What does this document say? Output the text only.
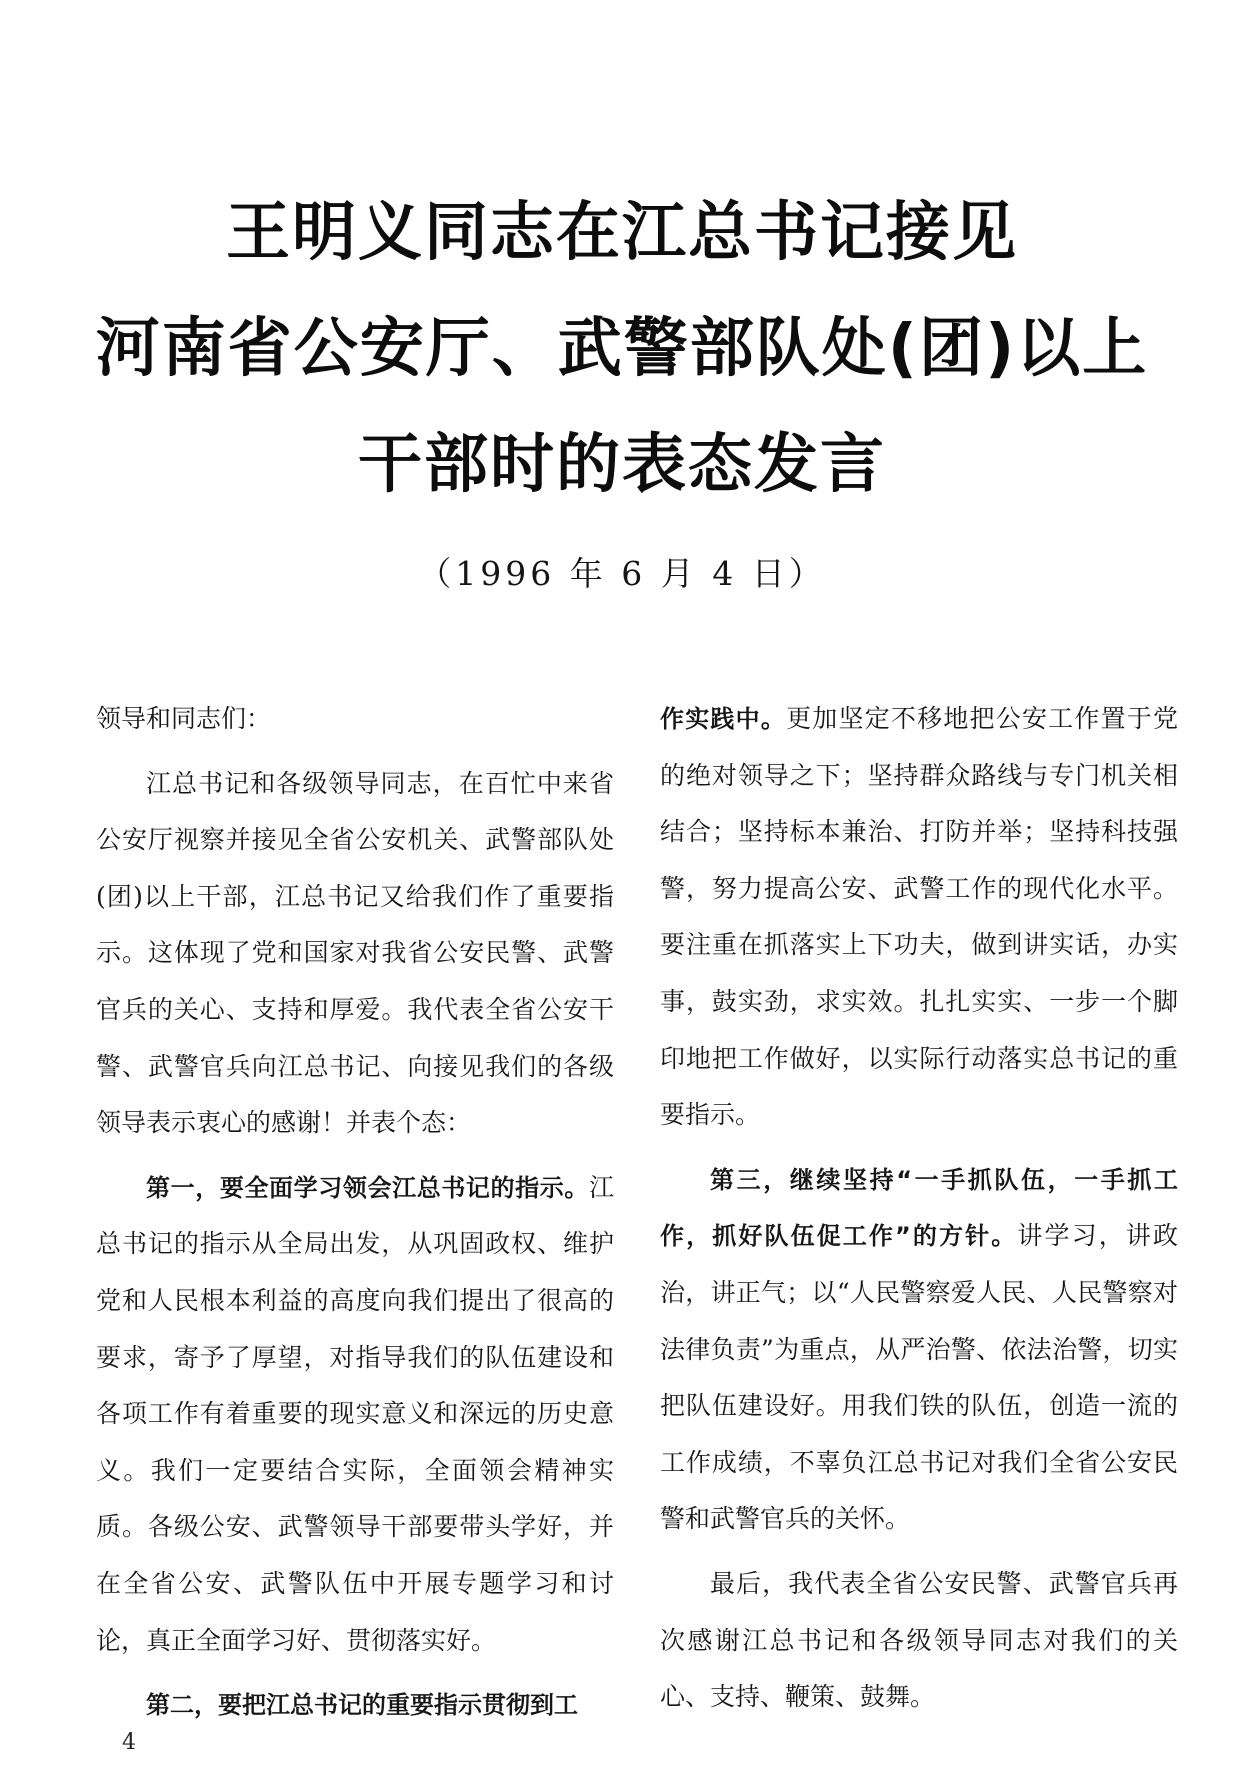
王明义同志在江总书记接见
河南省公安厅、武警部队处(团)以上
干部时的表态发言
（1996 年 6 月 4 日）

领导和同志们：

江总书记和各级领导同志，在百忙中来省公安厅视察并接见全省公安机关、武警部队处(团)以上干部，江总书记又给我们作了重要指示。这体现了党和国家对我省公安民警、武警官兵的关心、支持和厚爱。我代表全省公安干警、武警官兵向江总书记、向接见我们的各级领导表示衷心的感谢！并表个态：

第一，要全面学习领会江总书记的指示。江总书记的指示从全局出发，从巩固政权、维护党和人民根本利益的高度向我们提出了很高的要求，寄予了厚望，对指导我们的队伍建设和各项工作有着重要的现实意义和深远的历史意义。我们一定要结合实际，全面领会精神实质。各级公安、武警领导干部要带头学好，并在全省公安、武警队伍中开展专题学习和讨论，真正全面学习好、贯彻落实好。

第二，要把江总书记的重要指示贯彻到工

作实践中。更加坚定不移地把公安工作置于党的绝对领导之下；坚持群众路线与专门机关相结合；坚持标本兼治、打防并举；坚持科技强警，努力提高公安、武警工作的现代化水平。要注重在抓落实上下功夫，做到讲实话，办实事，鼓实劲，求实效。扎扎实实、一步一个脚印地把工作做好，以实际行动落实总书记的重要指示。

第三，继续坚持“一手抓队伍，一手抓工作，抓好队伍促工作”的方针。讲学习，讲政治，讲正气；以“人民警察爱人民、人民警察对法律负责”为重点，从严治警、依法治警，切实把队伍建设好。用我们铁的队伍，创造一流的工作成绩，不辜负江总书记对我们全省公安民警和武警官兵的关怀。

最后，我代表全省公安民警、武警官兵再次感谢江总书记和各级领导同志对我们的关心、支持、鞭策、鼓舞。

4
